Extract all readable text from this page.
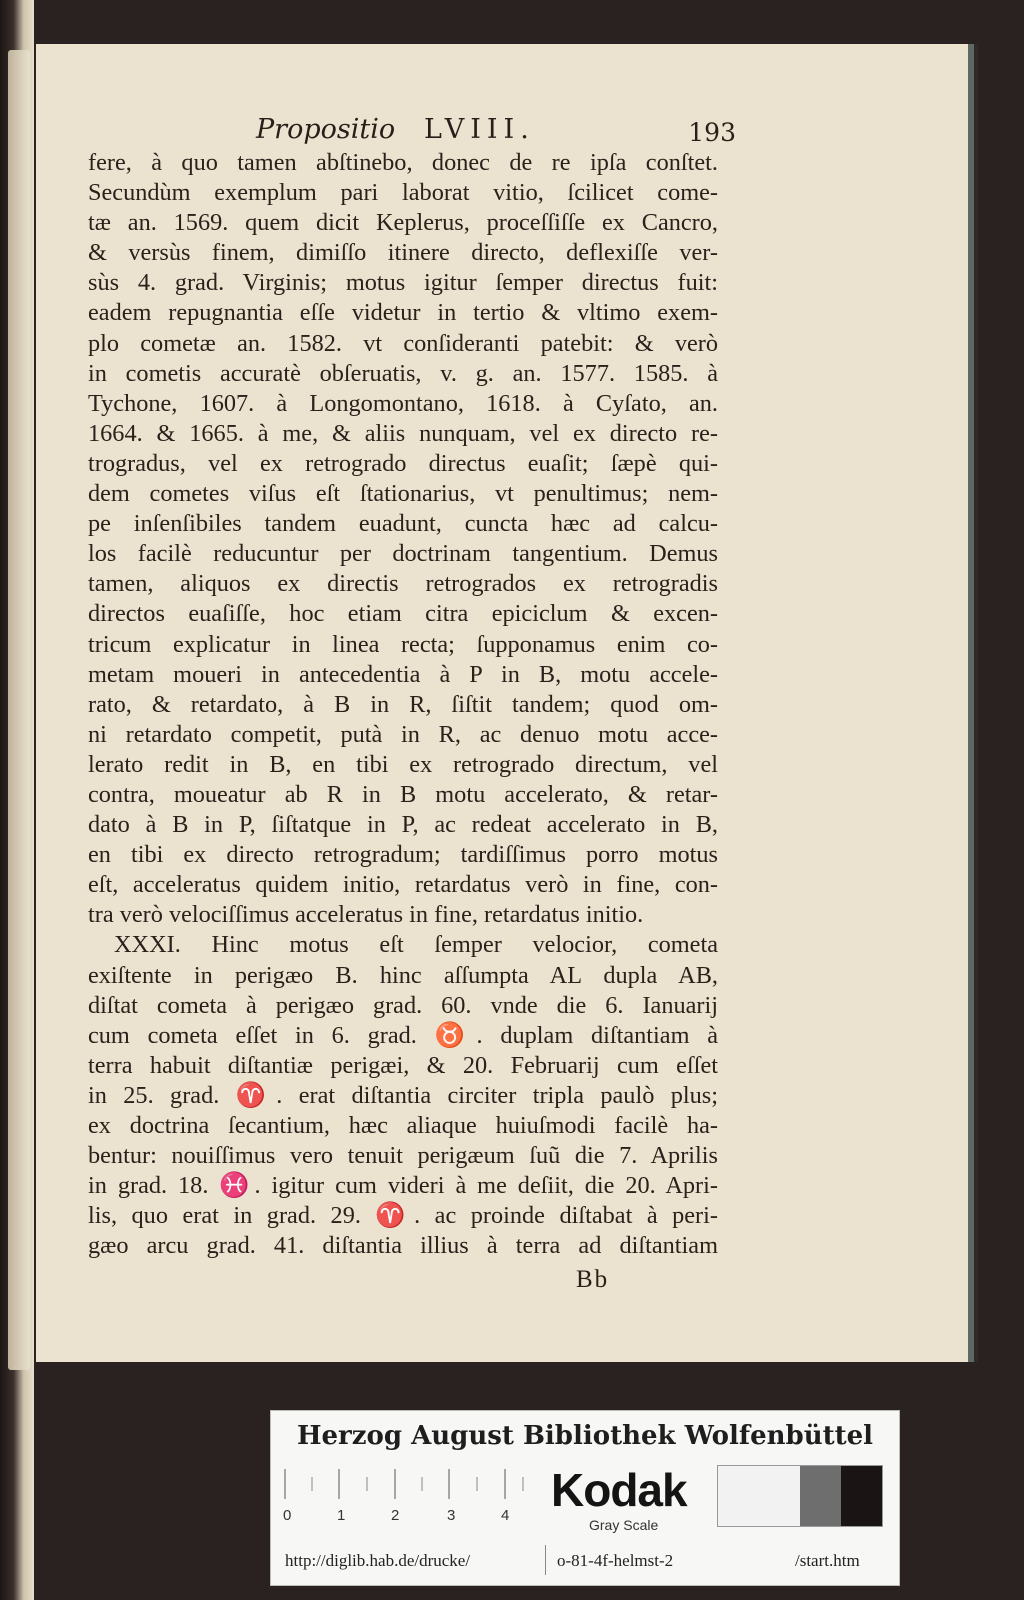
Propositio LVIII.	193
fere, à quo tamen abſtinebo, donec de re ipſa conſtet.
Secundùm exemplum pari laborat vitio, ſcilicet come-
tæ an. 1569. quem dicit Keplerus, proceſſiſſe ex Cancro,
& versùs finem, dimiſſo itinere directo, deflexiſſe ver-
sùs 4. grad. Virginis; motus igitur ſemper directus fuit:
eadem repugnantia eſſe videtur in tertio & vltimo exem-
plo cometæ an. 1582. vt conſideranti patebit: & verò
in cometis accuratè obſeruatis, v. g. an. 1577. 1585. à
Tychone, 1607. à Longomontano, 1618. à Cyſato, an.
1664. & 1665. à me, & aliis nunquam, vel ex directo re-
trogradus, vel ex retrogrado directus euaſit; ſæpè qui-
dem cometes viſus eſt ſtationarius, vt penultimus; nem-
pe inſenſibiles tandem euadunt, cuncta hæc ad calcu-
los facilè reducuntur per doctrinam tangentium. Demus
tamen, aliquos ex directis retrogrados ex retrogradis
directos euaſiſſe, hoc etiam citra epiciclum & excen-
tricum explicatur in linea recta; ſupponamus enim co-
metam moueri in antecedentia à P in B, motu accele-
rato, & retardato, à B in R, ſiſtit tandem; quod om-
ni retardato competit, putà in R, ac denuo motu acce-
lerato redit in B, en tibi ex retrogrado directum, vel
contra, moueatur ab R in B motu accelerato, & retar-
dato à B in P, ſiſtatque in P, ac redeat accelerato in B,
en tibi ex directo retrogradum; tardiſſimus porro motus
eſt, acceleratus quidem initio, retardatus verò in fine, con-
tra verò velociſſimus acceleratus in fine, retardatus initio.
XXXI. Hinc motus eſt ſemper velocior, cometa
exiſtente in perigæo B. hinc aſſumpta AL dupla AB,
diſtat cometa à perigæo grad. 60. vnde die 6. Ianuarij
cum cometa eſſet in 6. grad. ♉. duplam diſtantiam à
terra habuit diſtantiæ perigæi, & 20. Februarij cum eſſet
in 25. grad. ♈. erat diſtantia circiter tripla paulò plus;
ex doctrina ſecantium, hæc aliaque huiuſmodi facilè ha-
bentur: nouiſſimus vero tenuit perigæum ſuũ die 7. Aprilis
in grad. 18. ♓. igitur cum videri à me deſiit, die 20. Apri-
lis, quo erat in grad. 29. ♈. ac proinde diſtabat à peri-
gæo arcu grad. 41. diſtantia illius à terra ad diſtantiam
Bb
Herzog August Bibliothek Wolfenbüttel
0	1	2	3	4 Kodak
Gray Scale
http://diglib.hab.de/drucke/	o-81-4f-helmst-2	/start.htm
